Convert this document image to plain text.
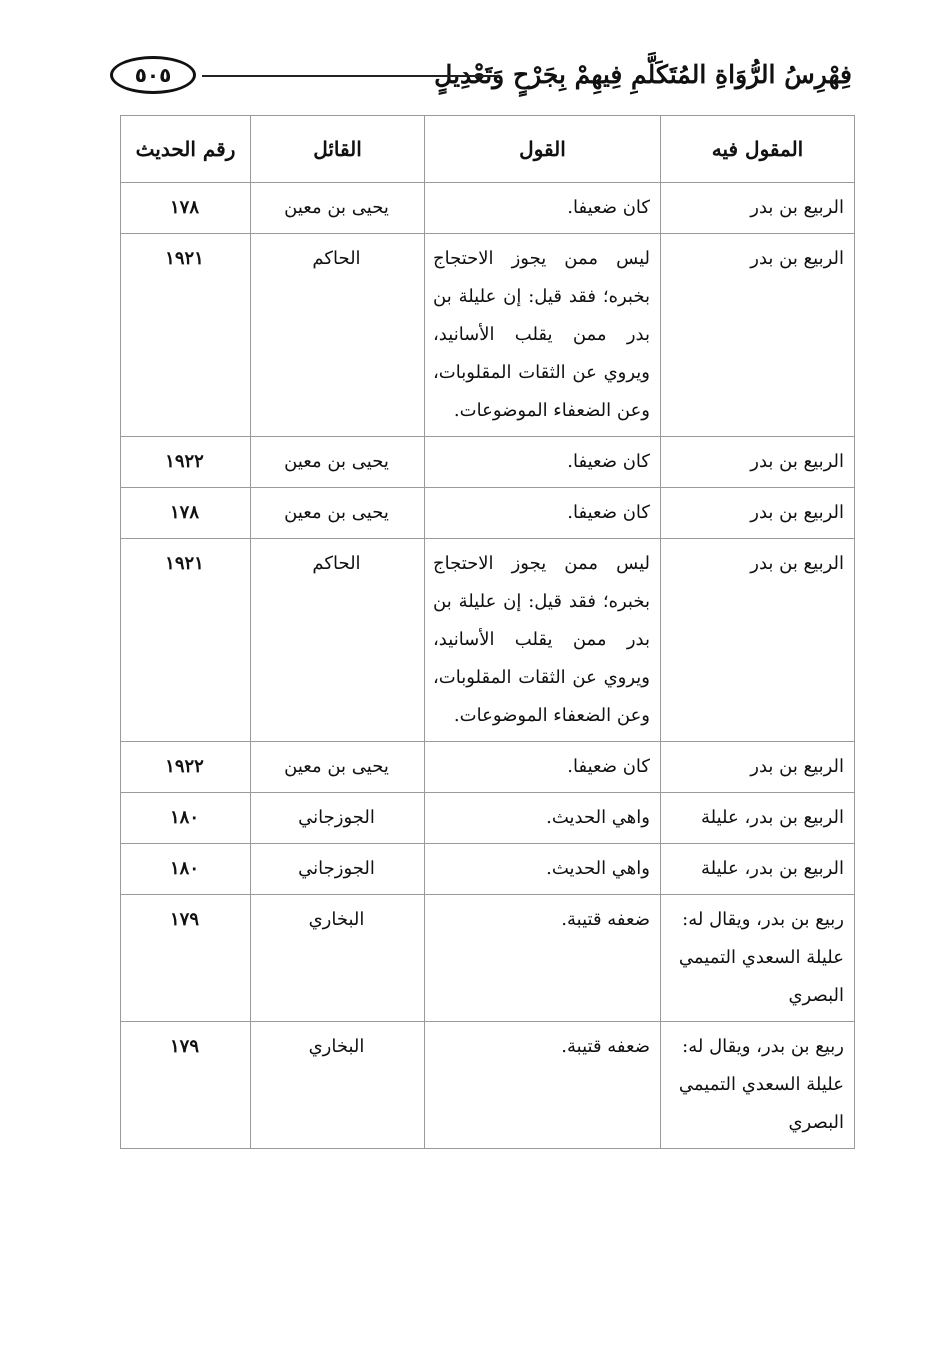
فِهْرِسُ الرُّوَاةِ المُتَكَلَّمِ فِيهِمْ بِجَرْحٍ وَتَعْدِيلٍ
٥٠٥
المقول فيه	القول	القائل	رقم الحديث
الربيع بن بدر	كان ضعيفا.	يحيى بن معين	١٧٨
الربيع بن بدر	ليس ممن يجوز الاحتجاج بخبره؛ فقد قيل: إن عليلة بن بدر ممن يقلب الأسانيد، ويروي عن الثقات المقلوبات، وعن الضعفاء الموضوعات.	الحاكم	١٩٢١
الربيع بن بدر	كان ضعيفا.	يحيى بن معين	١٩٢٢
الربيع بن بدر	كان ضعيفا.	يحيى بن معين	١٧٨
الربيع بن بدر	ليس ممن يجوز الاحتجاج بخبره؛ فقد قيل: إن عليلة بن بدر ممن يقلب الأسانيد، ويروي عن الثقات المقلوبات، وعن الضعفاء الموضوعات.	الحاكم	١٩٢١
الربيع بن بدر	كان ضعيفا.	يحيى بن معين	١٩٢٢
الربيع بن بدر، عليلة	واهي الحديث.	الجوزجاني	١٨٠
الربيع بن بدر، عليلة	واهي الحديث.	الجوزجاني	١٨٠
ربيع بن بدر، ويقال له: عليلة السعدي التميمي البصري	ضعفه قتيبة.	البخاري	١٧٩
ربيع بن بدر، ويقال له: عليلة السعدي التميمي البصري	ضعفه قتيبة.	البخاري	١٧٩
